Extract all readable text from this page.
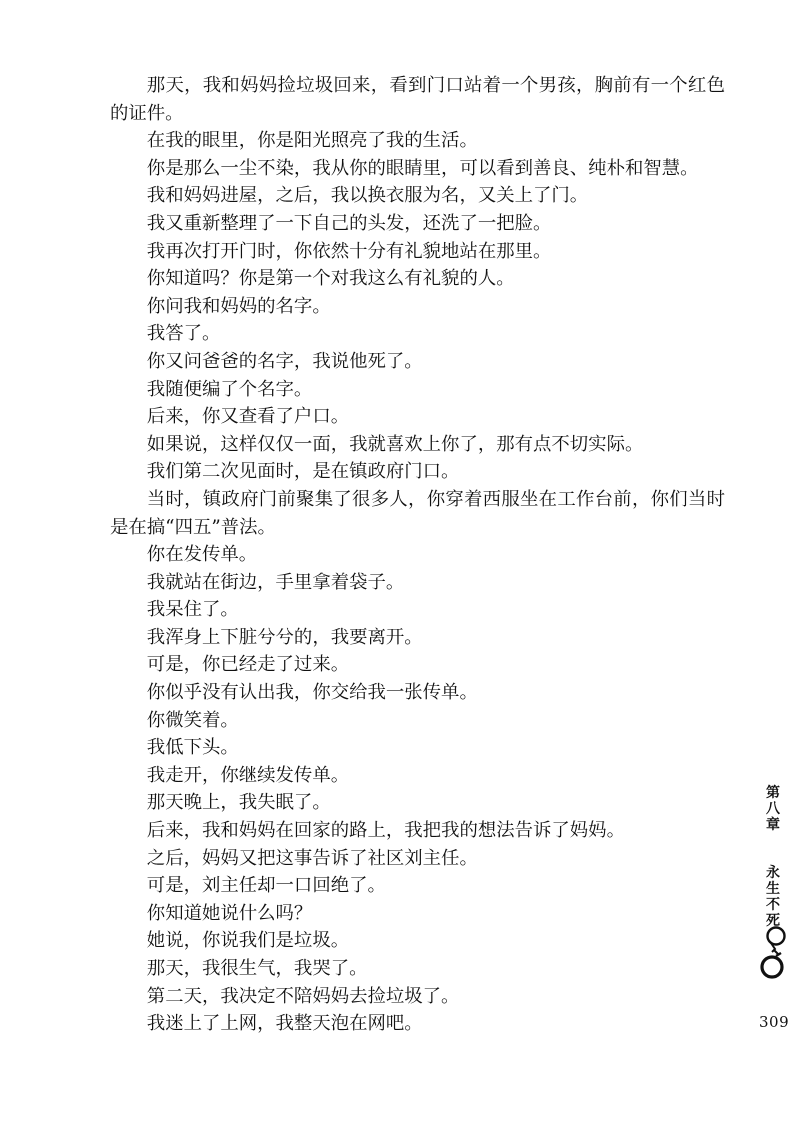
那天，我和妈妈捡垃圾回来，看到门口站着一个男孩，胸前有一个红色的证件。

在我的眼里，你是阳光照亮了我的生活。

你是那么一尘不染，我从你的眼睛里，可以看到善良、纯朴和智慧。

我和妈妈进屋，之后，我以换衣服为名，又关上了门。

我又重新整理了一下自己的头发，还洗了一把脸。

我再次打开门时，你依然十分有礼貌地站在那里。

你知道吗？你是第一个对我这么有礼貌的人。

你问我和妈妈的名字。

我答了。

你又问爸爸的名字，我说他死了。

我随便编了个名字。

后来，你又查看了户口。

如果说，这样仅仅一面，我就喜欢上你了，那有点不切实际。

我们第二次见面时，是在镇政府门口。

当时，镇政府门前聚集了很多人，你穿着西服坐在工作台前，你们当时是在搞“四五”普法。

你在发传单。

我就站在街边，手里拿着袋子。

我呆住了。

我浑身上下脏兮兮的，我要离开。

可是，你已经走了过来。

你似乎没有认出我，你交给我一张传单。

你微笑着。

我低下头。

我走开，你继续发传单。

那天晚上，我失眠了。

后来，我和妈妈在回家的路上，我把我的想法告诉了妈妈。

之后，妈妈又把这事告诉了社区刘主任。

可是，刘主任却一口回绝了。

你知道她说什么吗？

她说，你说我们是垃圾。

那天，我很生气，我哭了。

第二天，我决定不陪妈妈去捡垃圾了。

我迷上了上网，我整天泡在网吧。

第
八
章
永
生
不
死
309
